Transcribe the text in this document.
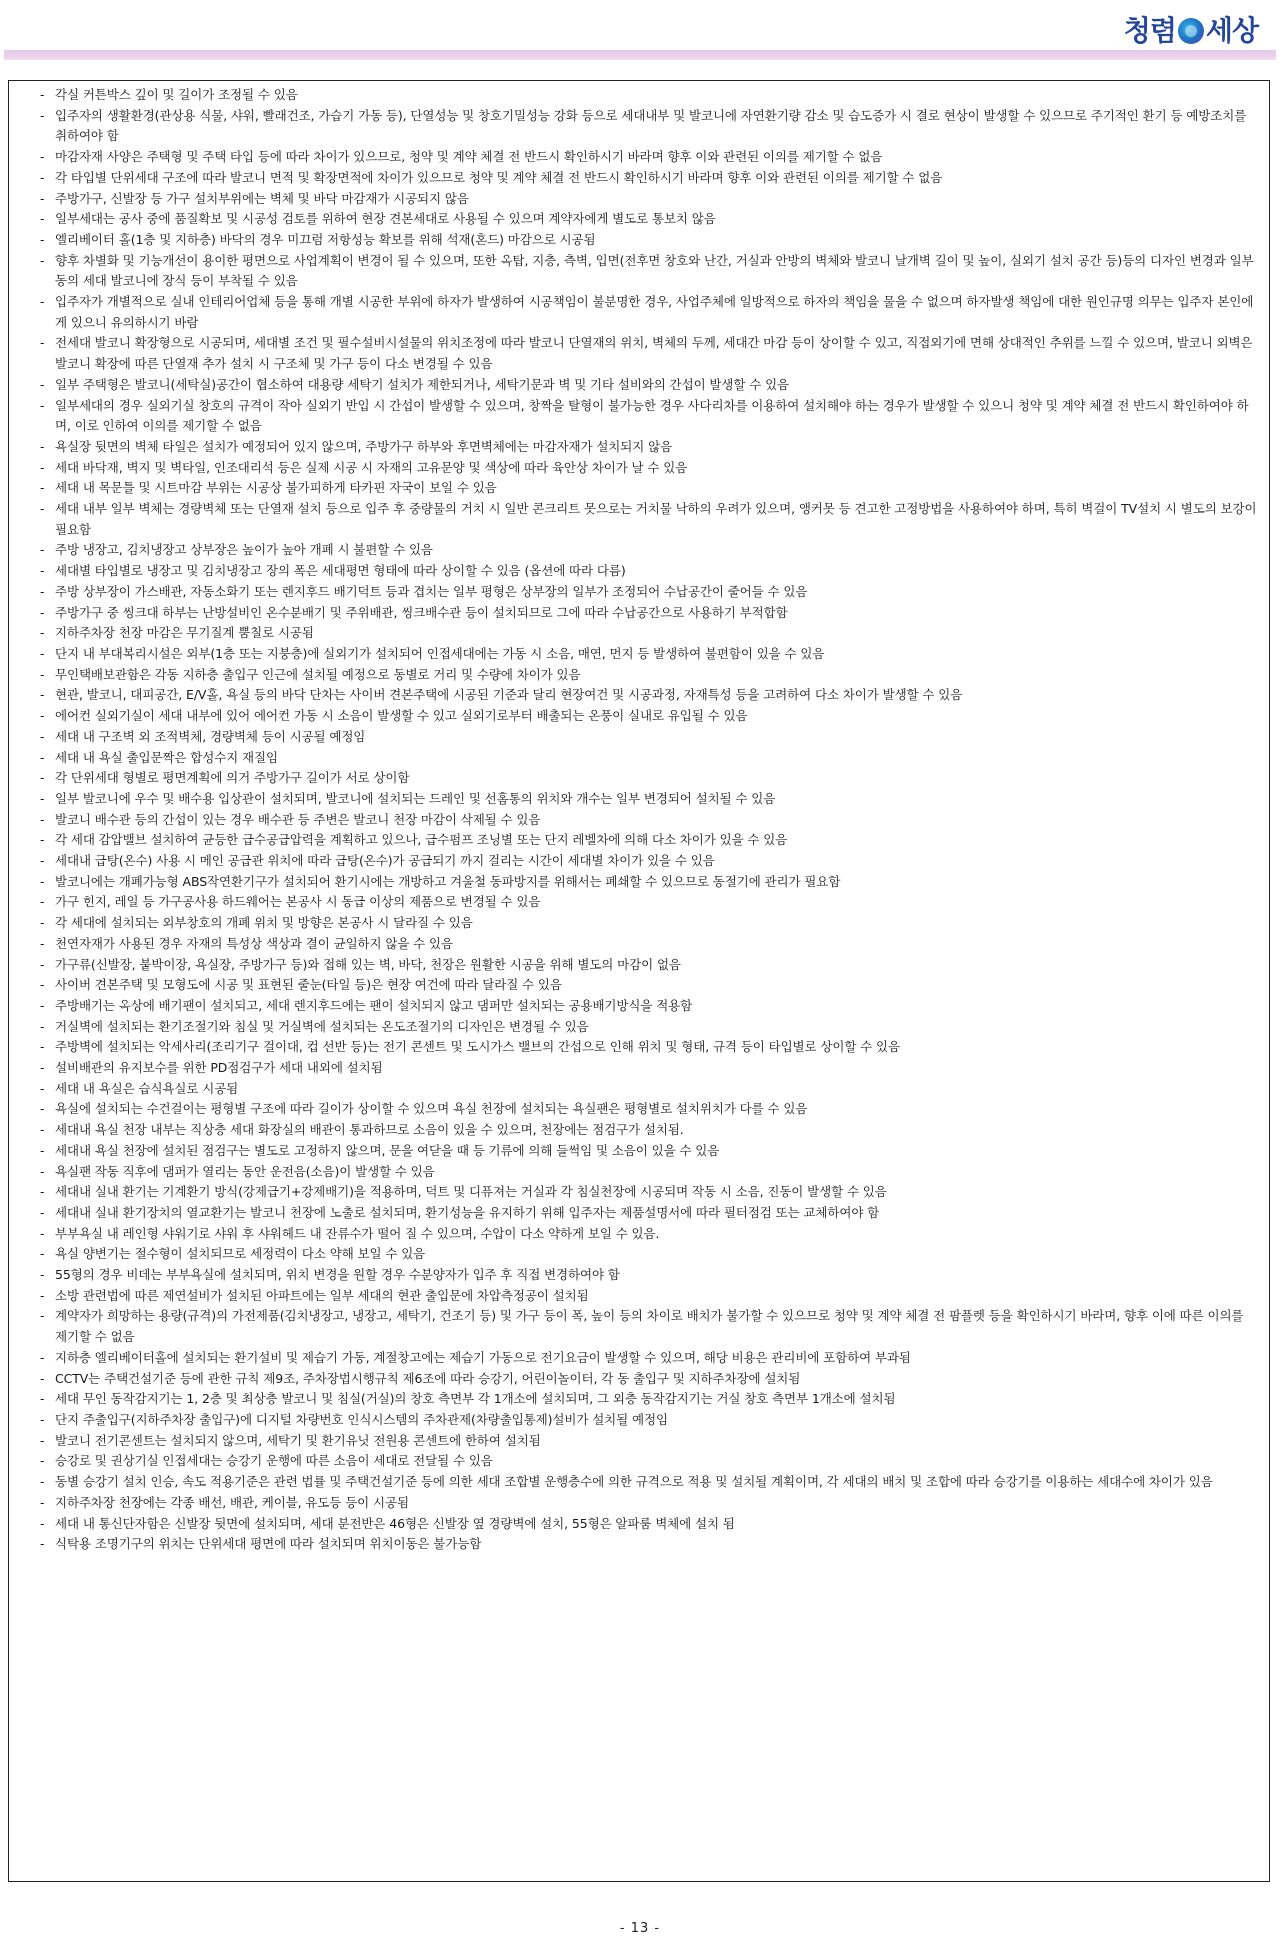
청렴 세상
- 각실 커튼박스 깊이 및 길이가 조정될 수 있음
- 입주자의 생활환경(관상용 식물, 샤워, 빨래건조, 가습기 가동 등), 단열성능 및 창호기밀성능 강화 등으로 세대내부 및 발코니에 자연환기량 감소 및 습도증가 시 결로 현상이 발생할 수 있으므로 주기적인 환기 등 예방조치를 취하여야 함
- 마감자재 사양은 주택형 및 주택 타입 등에 따라 차이가 있으므로, 청약 및 계약 체결 전 반드시 확인하시기 바라며 향후 이와 관련된 이의를 제기할 수 없음
- 각 타입별 단위세대 구조에 따라 발코니 면적 및 확장면적에 차이가 있으므로 청약 및 계약 체결 전 반드시 확인하시기 바라며 향후 이와 관련된 이의를 제기할 수 없음
- 주방가구, 신발장 등 가구 설치부위에는 벽체 및 바닥 마감재가 시공되지 않음
- 일부세대는 공사 중에 품질확보 및 시공성 검토를 위하여 현장 견본세대로 사용될 수 있으며 계약자에게 별도로 통보치 않음
- 엘리베이터 홀(1층 및 지하층) 바닥의 경우 미끄럼 저항성능 확보를 위해 석재(혼드) 마감으로 시공됨
- 향후 차별화 및 기능개선이 용이한 평면으로 사업계획이 변경이 될 수 있으며, 또한 옥탑, 지층, 측벽, 입면(전후면 창호와 난간, 거실과 안방의 벽체와 발코니 날개벽 길이 및 높이, 실외기 설치 공간 등)등의 디자인 변경과 일부동의 세대 발코니에 장식 등이 부착될 수 있음
- 입주자가 개별적으로 실내 인테리어업체 등을 통해 개별 시공한 부위에 하자가 발생하여 시공책임이 불분명한 경우, 사업주체에 일방적으로 하자의 책임을 물을 수 없으며 하자발생 책임에 대한 원인규명 의무는 입주자 본인에게 있으니 유의하시기 바람
- 전세대 발코니 확장형으로 시공되며, 세대별 조건 및 필수설비시설물의 위치조정에 따라 발코니 단열재의 위치, 벽체의 두께, 세대간 마감 등이 상이할 수 있고, 직접외기에 면해 상대적인 추위를 느낄 수 있으며, 발코니 외벽은 발코니 확장에 따른 단열재 추가 설치 시 구조체 및 가구 등이 다소 변경될 수 있음
- 일부 주택형은 발코니(세탁실)공간이 협소하여 대용량 세탁기 설치가 제한되거나, 세탁기문과 벽 및 기타 설비와의 간섭이 발생할 수 있음
- 일부세대의 경우 실외기실 창호의 규격이 작아 실외기 반입 시 간섭이 발생할 수 있으며, 창짝을 탈형이 불가능한 경우 사다리차를 이용하여 설치해야 하는 경우가 발생할 수 있으니 청약 및 계약 체결 전 반드시 확인하여야 하며, 이로 인하여 이의를 제기할 수 없음
- 욕실장 뒷면의 벽체 타일은 설치가 예정되어 있지 않으며, 주방가구 하부와 후면벽체에는 마감자재가 설치되지 않음
- 세대 바닥재, 벽지 및 벽타일, 인조대리석 등은 실제 시공 시 자재의 고유문양 및 색상에 따라 육안상 차이가 날 수 있음
- 세대 내 목문틀 및 시트마감 부위는 시공상 불가피하게 타카핀 자국이 보일 수 있음
- 세대 내부 일부 벽체는 경량벽체 또는 단열재 설치 등으로 입주 후 중량물의 거치 시 일반 콘크리트 못으로는 거치물 낙하의 우려가 있으며, 앵커못 등 견고한 고정방법을 사용하여야 하며, 특히 벽걸이 TV설치 시 별도의 보강이 필요함
- 주방 냉장고, 김치냉장고 상부장은 높이가 높아 개폐 시 불편할 수 있음
- 세대별 타입별로 냉장고 및 김치냉장고 장의 폭은 세대평면 형태에 따라 상이할 수 있음 (옵션에 따라 다름)
- 주방 상부장이 가스배관, 자동소화기 또는 렌지후드 배기덕트 등과 겹치는 일부 평형은 상부장의 일부가 조정되어 수납공간이 줄어들 수 있음
- 주방가구 중 씽크대 하부는 난방설비인 온수분배기 및 주위배관, 씽크배수관 등이 설치되므로 그에 따라 수납공간으로 사용하기 부적합함
- 지하주차장 천장 마감은 무기질계 뿜칠로 시공됨
- 단지 내 부대복리시설은 외부(1층 또는 지붕층)에 실외기가 설치되어 인접세대에는 가동 시 소음, 매연, 먼지 등 발생하여 불편함이 있을 수 있음
- 무인택배보관함은 각동 지하층 출입구 인근에 설치될 예정으로 동별로 거리 및 수량에 차이가 있음
- 현관, 발코니, 대피공간, E/V홀, 욕실 등의 바닥 단차는 사이버 견본주택에 시공된 기준과 달리 현장여건 및 시공과정, 자재특성 등을 고려하여 다소 차이가 발생할 수 있음
- 에어컨 실외기실이 세대 내부에 있어 에어컨 가동 시 소음이 발생할 수 있고 실외기로부터 배출되는 온풍이 실내로 유입될 수 있음
- 세대 내 구조벽 외 조적벽체, 경량벽체 등이 시공될 예정임
- 세대 내 욕실 출입문짝은 합성수지 재질임
- 각 단위세대 형별로 평면계획에 의거 주방가구 길이가 서로 상이함
- 일부 발코니에 우수 및 배수용 입상관이 설치되며, 발코니에 설치되는 드레인 및 선홈통의 위치와 개수는 일부 변경되어 설치될 수 있음
- 발코니 배수관 등의 간섭이 있는 경우 배수관 등 주변은 발코니 천장 마감이 삭제될 수 있음
- 각 세대 감압밸브 설치하여 균등한 급수공급압력을 계획하고 있으나, 급수펌프 조닝별 또는 단지 레벨차에 의해 다소 차이가 있을 수 있음
- 세대내 급탕(온수) 사용 시 메인 공급관 위치에 따라 급탕(온수)가 공급되기 까지 걸리는 시간이 세대별 차이가 있을 수 있음
- 발코니에는 개폐가능형 ABS작연환기구가 설치되어 환기시에는 개방하고 겨울철 동파방지를 위해서는 폐쇄할 수 있으므로 동절기에 관리가 필요함
- 가구 힌지, 레일 등 가구공사용 하드웨어는 본공사 시 동급 이상의 제품으로 변경될 수 있음
- 각 세대에 설치되는 외부창호의 개폐 위치 및 방향은 본공사 시 달라질 수 있음
- 천연자재가 사용된 경우 자재의 특성상 색상과 결이 균일하지 않을 수 있음
- 가구류(신발장, 붙박이장, 욕실장, 주방가구 등)와 접해 있는 벽, 바닥, 천장은 원활한 시공을 위해 별도의 마감이 없음
- 사이버 견본주택 및 모형도에 시공 및 표현된 줄눈(타일 등)은 현장 여건에 따라 달라질 수 있음
- 주방배기는 옥상에 배기팬이 설치되고, 세대 렌지후드에는 팬이 설치되지 않고 댐퍼만 설치되는 공용배기방식을 적용함
- 거실벽에 설치되는 환기조절기와 침실 및 거실벽에 설치되는 온도조절기의 디자인은 변경될 수 있음
- 주방벽에 설치되는 악세사리(조리기구 걸이대, 컵 선반 등)는 전기 콘센트 및 도시가스 밸브의 간섭으로 인해 위치 및 형태, 규격 등이 타입별로 상이할 수 있음
- 설비배관의 유지보수를 위한 PD점검구가 세대 내외에 설치됨
- 세대 내 욕실은 습식욕실로 시공됨
- 욕실에 설치되는 수건걸이는 평형별 구조에 따라 길이가 상이할 수 있으며 욕실 천장에 설치되는 욕실팬은 평형별로 설치위치가 다를 수 있음
- 세대내 욕실 천장 내부는 직상층 세대 화장실의 배관이 통과하므로 소음이 있을 수 있으며, 천장에는 점검구가 설치됨.
- 세대내 욕실 천장에 설치된 점검구는 별도로 고정하지 않으며, 문을 여닫을 때 등 기류에 의해 들썩임 및 소음이 있을 수 있음
- 욕실팬 작동 직후에 댐퍼가 열리는 동안 운전음(소음)이 발생할 수 있음
- 세대내 실내 환기는 기계환기 방식(강제급기+강제배기)을 적용하며, 덕트 및 디퓨져는 거실과 각 침실천장에 시공되며 작동 시 소음, 진동이 발생할 수 있음
- 세대내 실내 환기장치의 열교환기는 발코니 천장에 노출로 설치되며, 환기성능을 유지하기 위해 입주자는 제품설명서에 따라 필터점검 또는 교체하여야 함
- 부부욕실 내 레인형 샤워기로 샤워 후 샤워헤드 내 잔류수가 떨어 질 수 있으며, 수압이 다소 약하게 보일 수 있음.
- 욕실 양변기는 절수형이 설치되므로 세정력이 다소 약해 보일 수 있음
- 55형의 경우 비데는 부부욕실에 설치되며, 위치 변경을 원할 경우 수분양자가 입주 후 직접 변경하여야 함
- 소방 관련법에 따른 제연설비가 설치된 아파트에는 일부 세대의 현관 출입문에 차압측정공이 설치됨
- 계약자가 희망하는 용량(규격)의 가전제품(김치냉장고, 냉장고, 세탁기, 건조기 등) 및 가구 등이 폭, 높이 등의 차이로 배치가 불가할 수 있으므로 청약 및 계약 체결 전 팜플렛 등을 확인하시기 바라며, 향후 이에 따른 이의를 제기할 수 없음
- 지하층 엘리베이터홀에 설치되는 환기설비 및 제습기 가동, 계절창고에는 제습기 가동으로 전기요금이 발생할 수 있으며, 해당 비용은 관리비에 포함하여 부과됨
- CCTV는 주택건설기준 등에 관한 규칙 제9조, 주차장법시행규칙 제6조에 따라 승강기, 어린이놀이터, 각 동 출입구 및 지하주차장에 설치됨
- 세대 무인 동작감지기는 1, 2층 및 최상층 발코니 및 침실(거실)의 창호 측면부 각 1개소에 설치되며, 그 외층 동작감지기는 거실 창호 측면부 1개소에 설치됨
- 단지 주출입구(지하주차장 출입구)에 디지털 차량번호 인식시스템의 주차관제(차량출입통제)설비가 설치될 예정임
- 발코니 전기콘센트는 설치되지 않으며, 세탁기 및 환기유닛 전원용 콘센트에 한하여 설치됨
- 승강로 및 권상기실 인접세대는 승강기 운행에 따른 소음이 세대로 전달될 수 있음
- 동별 승강기 설치 인승, 속도 적용기준은 관련 법률 및 주택건설기준 등에 의한 세대 조합별 운행층수에 의한 규격으로 적용 및 설치될 계획이며, 각 세대의 배치 및 조합에 따라 승강기를 이용하는 세대수에 차이가 있음
- 지하주차장 천장에는 각종 배선, 배관, 케이블, 유도등 등이 시공됨
- 세대 내 통신단자함은 신발장 뒷면에 설치되며, 세대 분전반은 46형은 신발장 옆 경량벽에 설치, 55형은 알파룸 벽체에 설치 됨
- 식탁용 조명기구의 위치는 단위세대 평면에 따라 설치되며 위치이동은 불가능함
- 13 -
